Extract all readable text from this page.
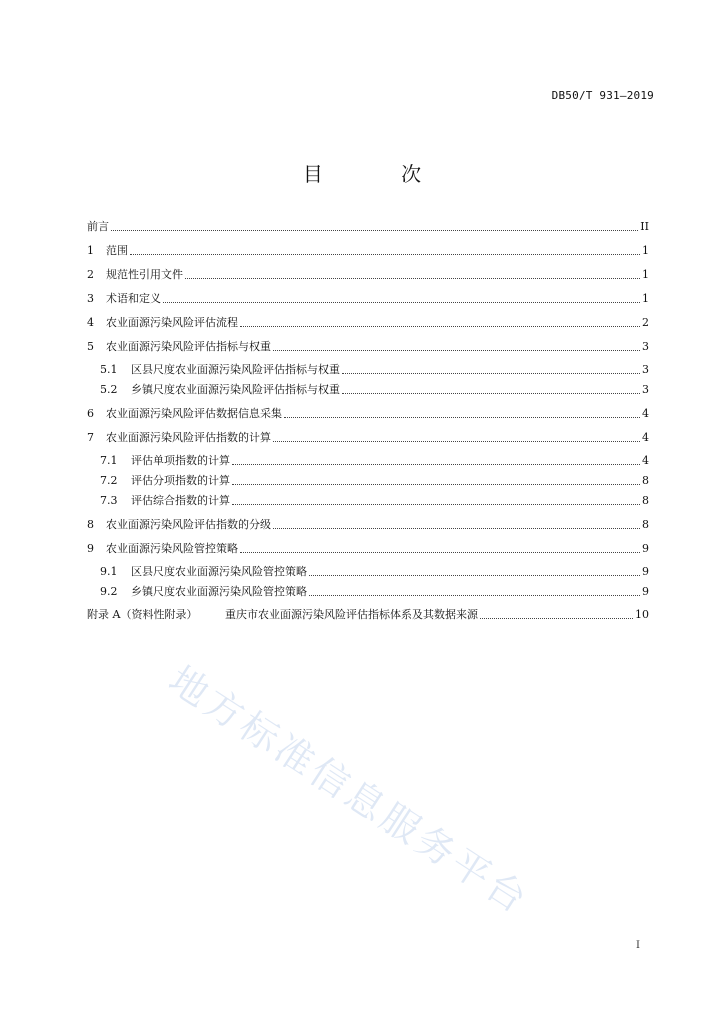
DB50/T 931—2019
目 次
前言	II
1	范围	1
2	规范性引用文件	1
3	术语和定义	1
4	农业面源污染风险评估流程	2
5	农业面源污染风险评估指标与权重	3
5.1	区县尺度农业面源污染风险评估指标与权重	3
5.2	乡镇尺度农业面源污染风险评估指标与权重	3
6	农业面源污染风险评估数据信息采集	4
7	农业面源污染风险评估指数的计算	4
7.1	评估单项指数的计算	4
7.2	评估分项指数的计算	8
7.3	评估综合指数的计算	8
8	农业面源污染风险评估指数的分级	8
9	农业面源污染风险管控策略	9
9.1	区县尺度农业面源污染风险管控策略	9
9.2	乡镇尺度农业面源污染风险管控策略	9
附录 A（资料性附录）	重庆市农业面源污染风险评估指标体系及其数据来源	10
地方标准信息服务平台
I
